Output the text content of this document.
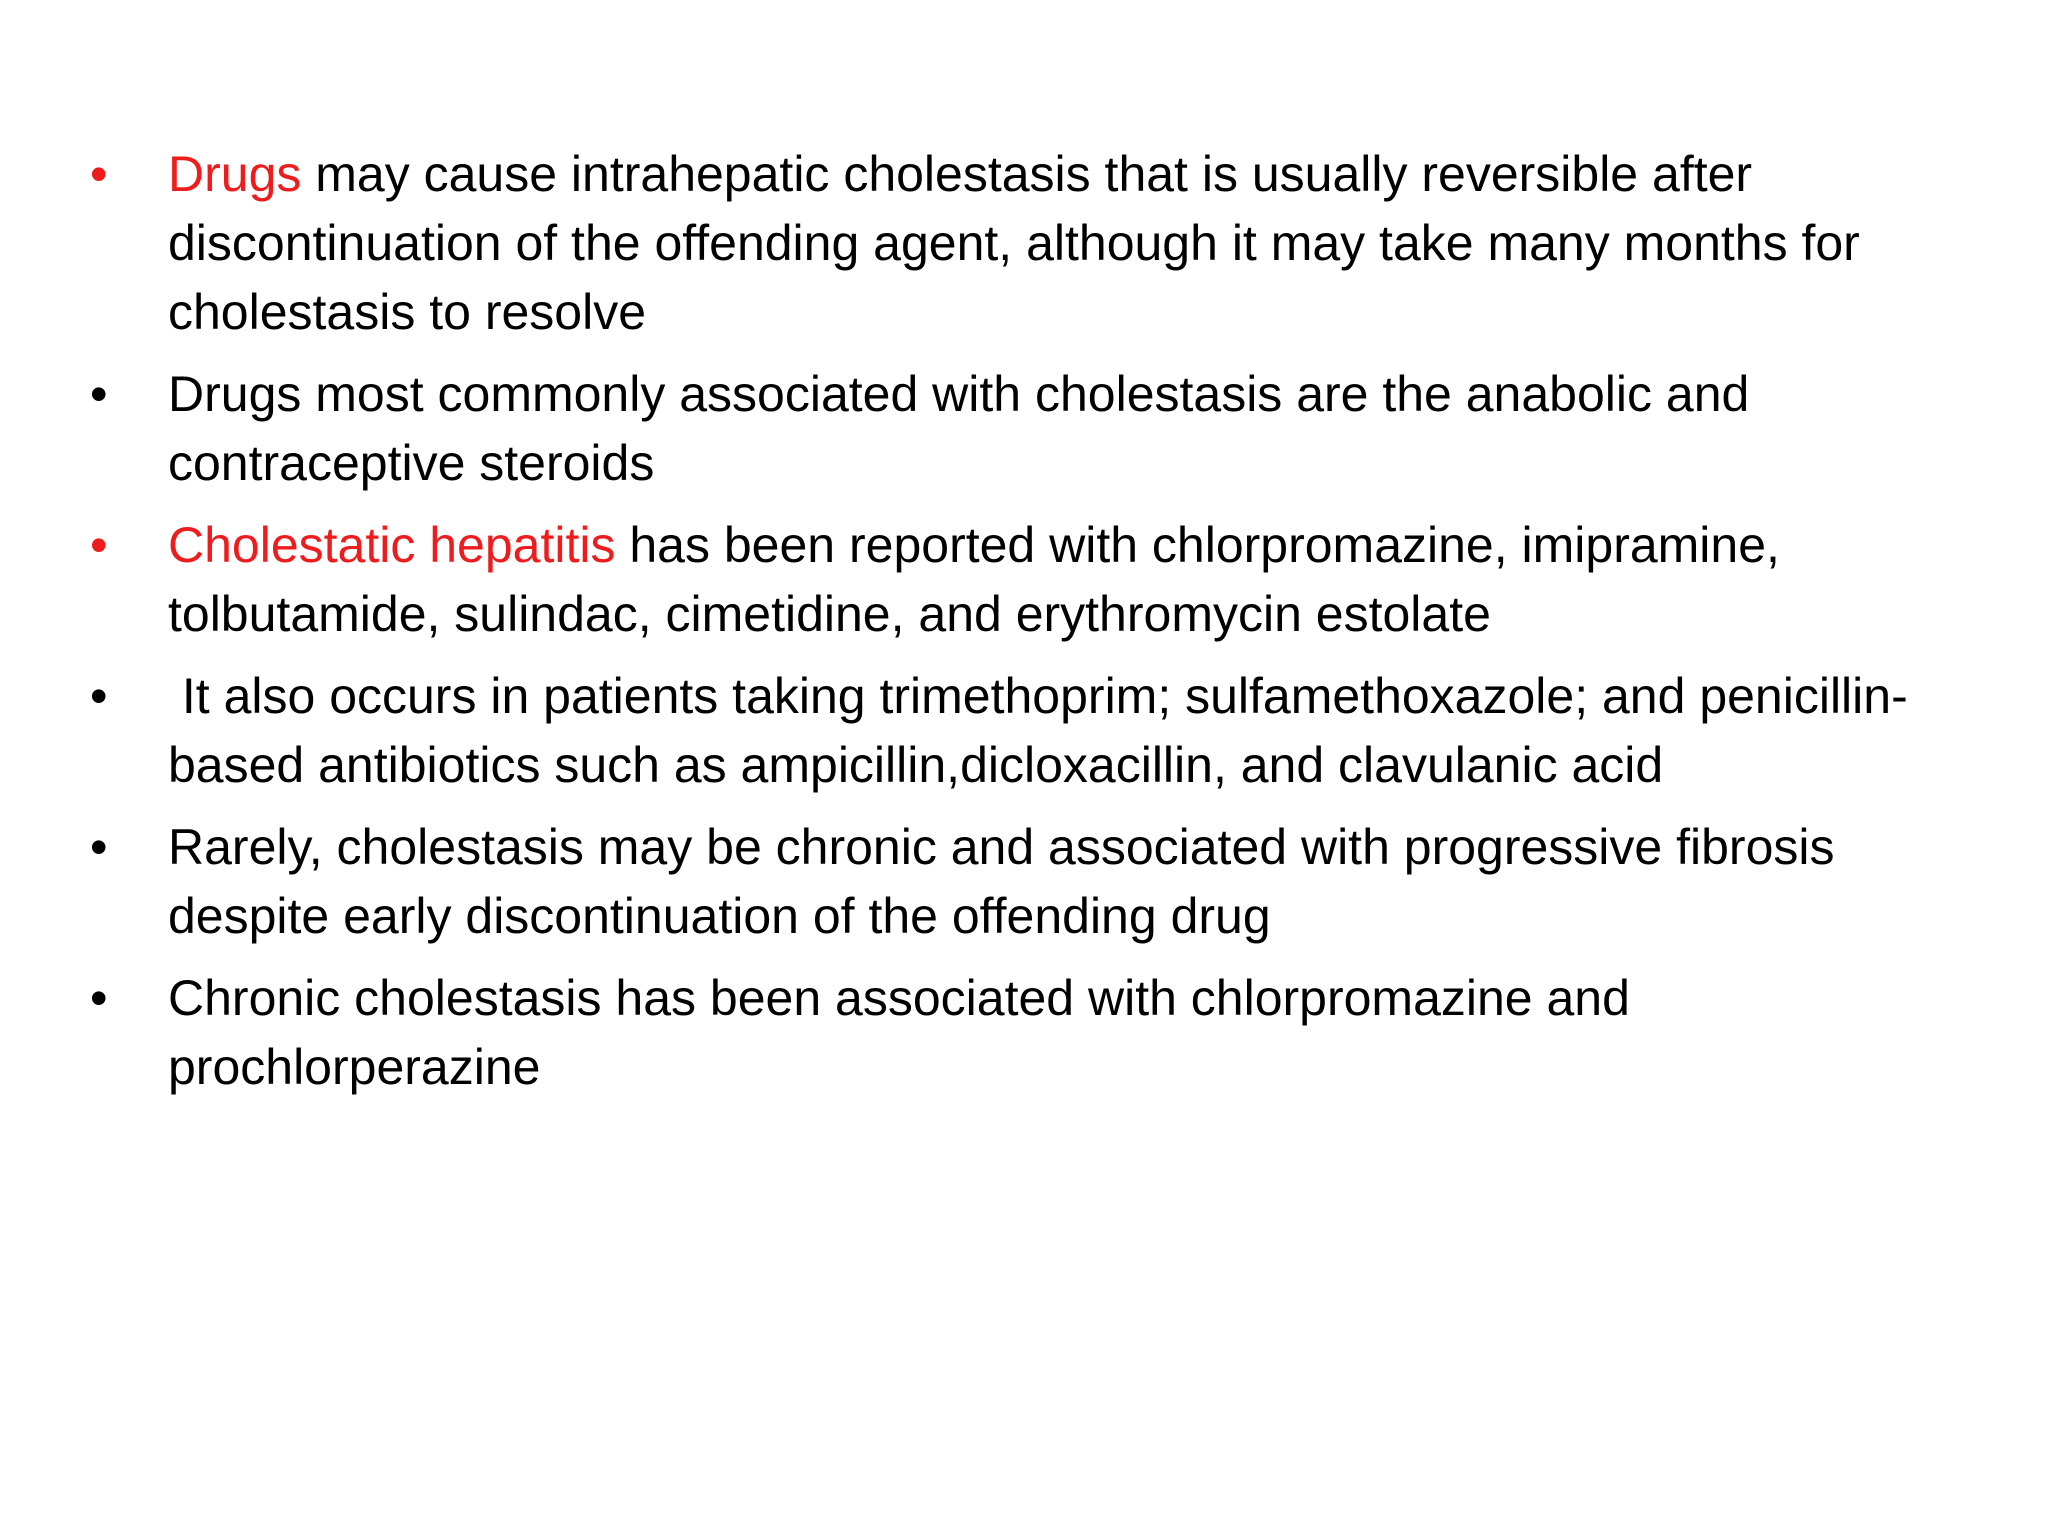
• Drugs may cause intrahepatic cholestasis that is usually reversible after discontinuation of the offending agent, although it may take many months for cholestasis to resolve
• Drugs most commonly associated with cholestasis are the anabolic and contraceptive steroids
• Cholestatic hepatitis has been reported with chlorpromazine, imipramine, tolbutamide, sulindac, cimetidine, and erythromycin estolate
• It also occurs in patients taking trimethoprim; sulfamethoxazole; and penicillin-based antibiotics such as ampicillin,dicloxacillin, and clavulanic acid
• Rarely, cholestasis may be chronic and associated with progressive fibrosis despite early discontinuation of the offending drug
• Chronic cholestasis has been associated with chlorpromazine and prochlorperazine
